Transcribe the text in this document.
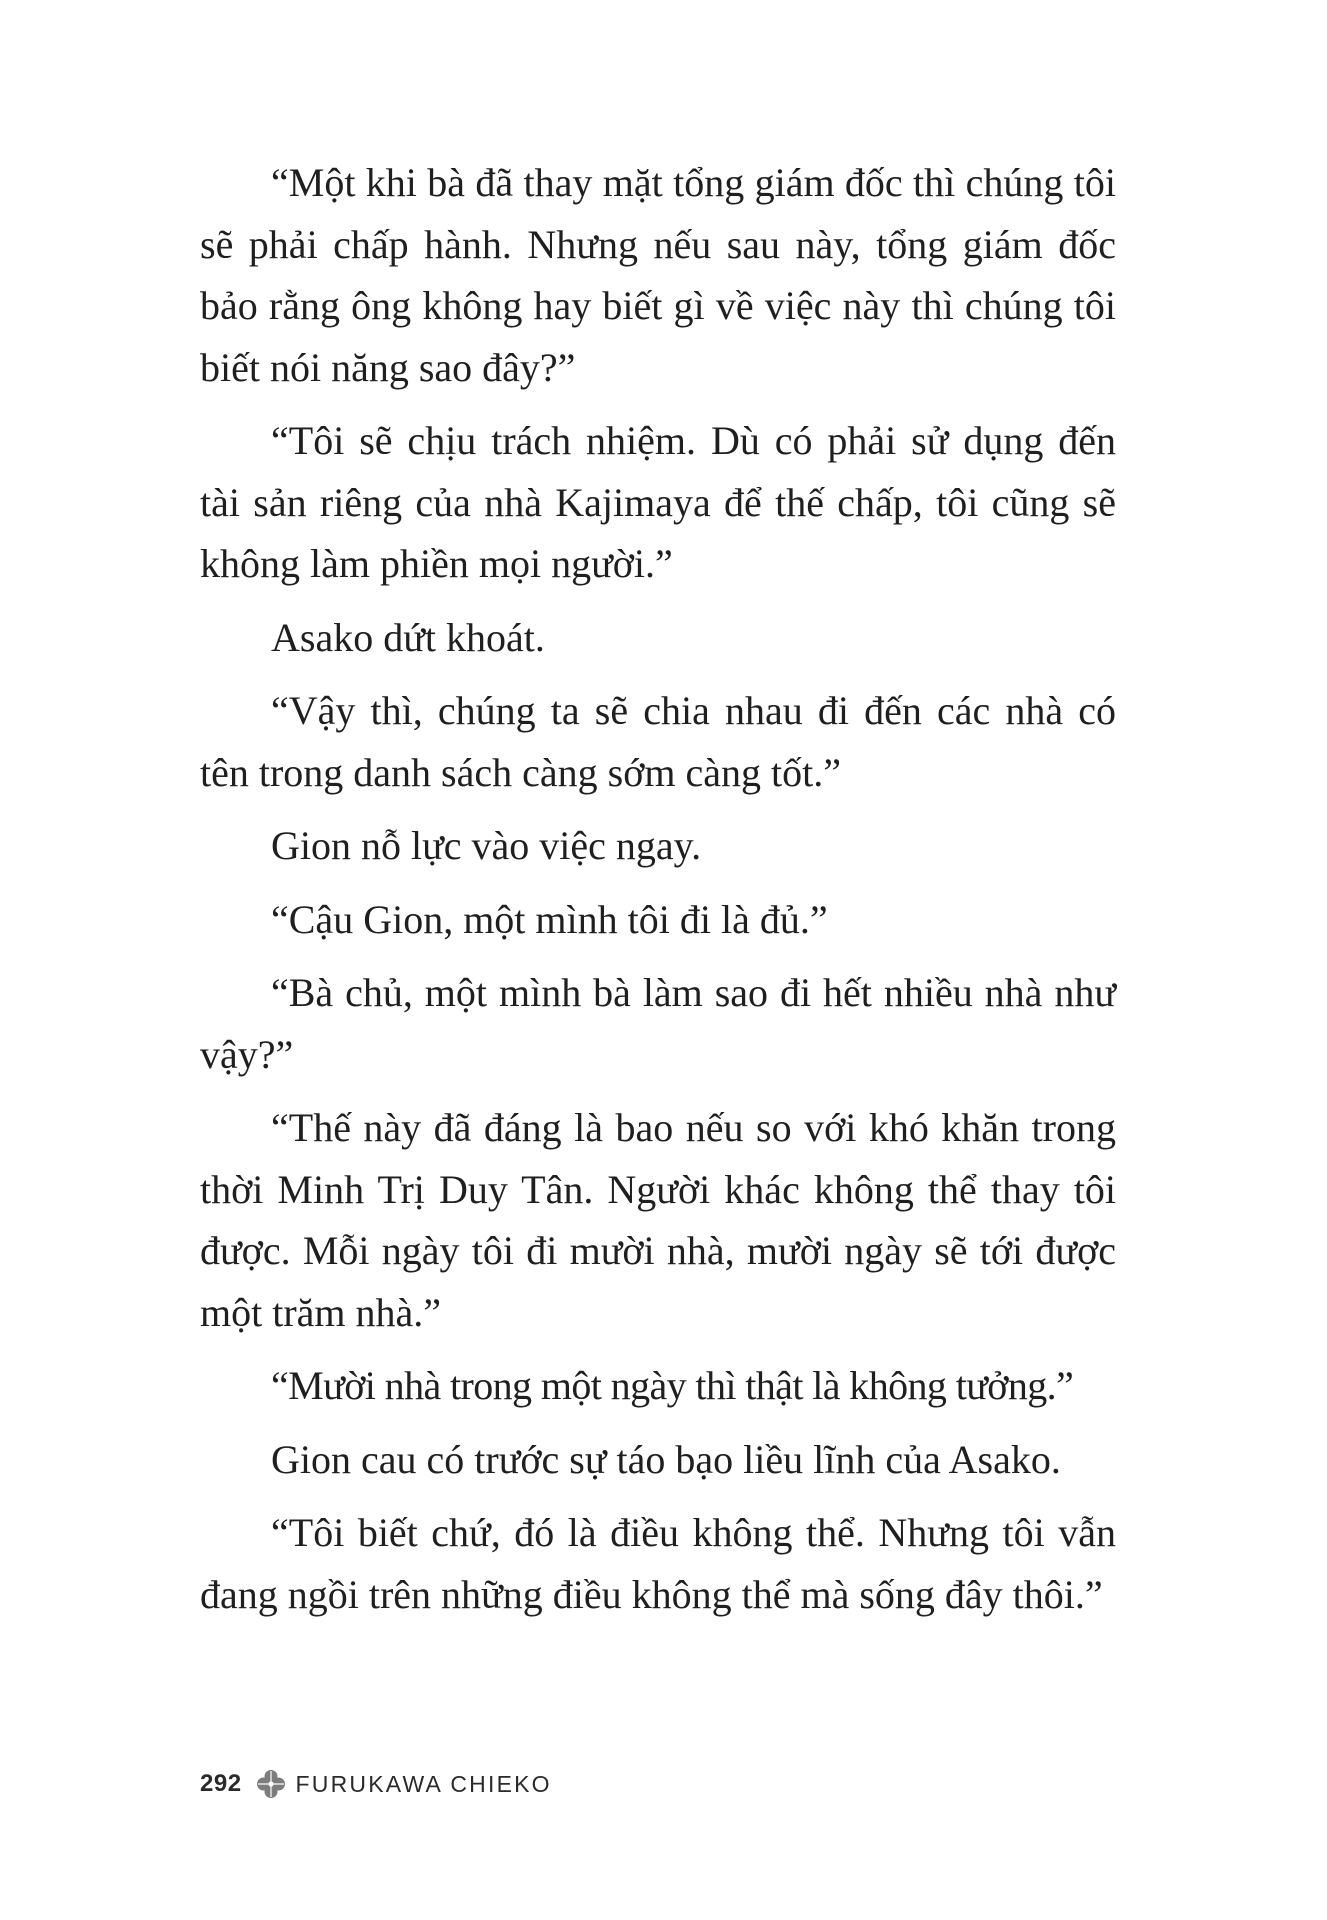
“Một khi bà đã thay mặt tổng giám đốc thì chúng tôi sẽ phải chấp hành. Nhưng nếu sau này, tổng giám đốc bảo rằng ông không hay biết gì về việc này thì chúng tôi biết nói năng sao đây?”

“Tôi sẽ chịu trách nhiệm. Dù có phải sử dụng đến tài sản riêng của nhà Kajimaya để thế chấp, tôi cũng sẽ không làm phiền mọi người.”

Asako dứt khoát.

“Vậy thì, chúng ta sẽ chia nhau đi đến các nhà có tên trong danh sách càng sớm càng tốt.”

Gion nỗ lực vào việc ngay.

“Cậu Gion, một mình tôi đi là đủ.”

“Bà chủ, một mình bà làm sao đi hết nhiều nhà như vậy?”

“Thế này đã đáng là bao nếu so với khó khăn trong thời Minh Trị Duy Tân. Người khác không thể thay tôi được. Mỗi ngày tôi đi mười nhà, mười ngày sẽ tới được một trăm nhà.”

“Mười nhà trong một ngày thì thật là không tưởng.”

Gion cau có trước sự táo bạo liều lĩnh của Asako.

“Tôi biết chứ, đó là điều không thể. Nhưng tôi vẫn đang ngồi trên những điều không thể mà sống đây thôi.”

292 FURUKAWA CHIEKO
